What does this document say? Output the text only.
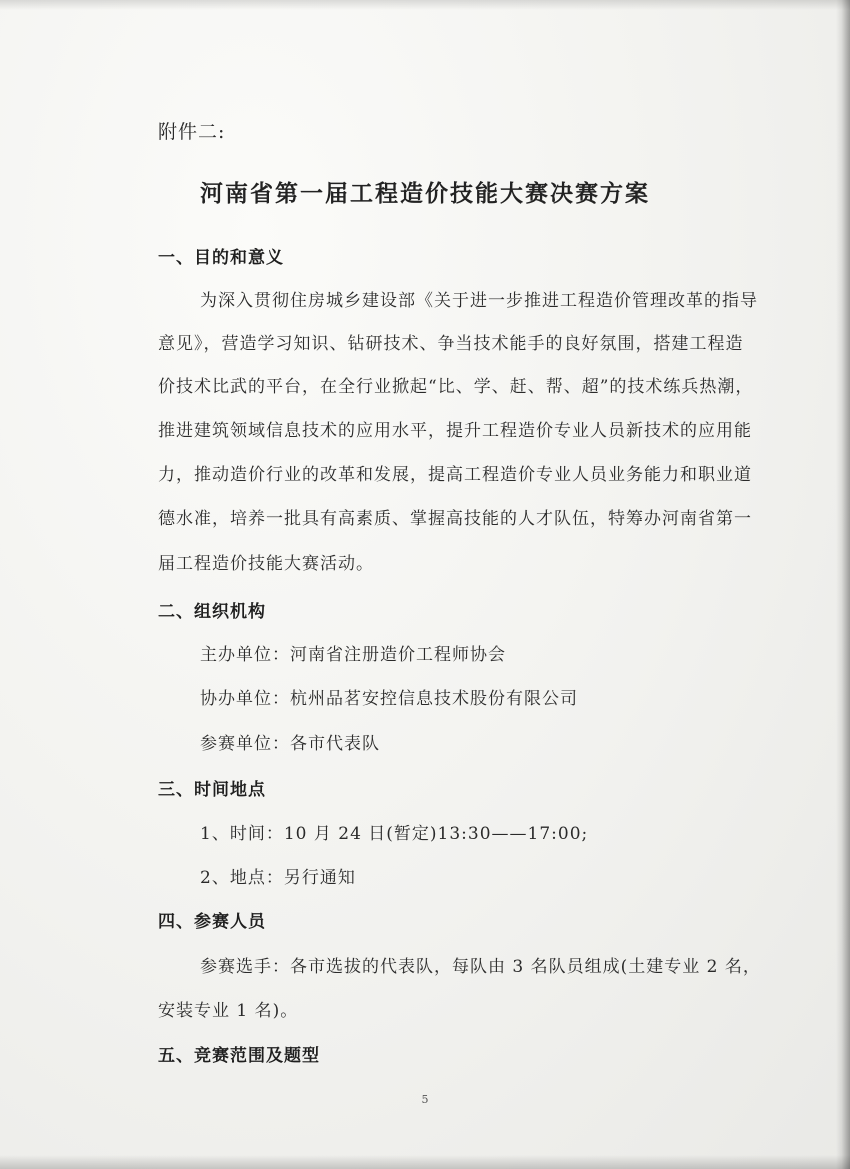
附件二:

河南省第一届工程造价技能大赛决赛方案
一、目的和意义

为深入贯彻住房城乡建设部《关于进一步推进工程造价管理改革的指导

意见》，营造学习知识、钻研技术、争当技术能手的良好氛围，搭建工程造

价技术比武的平台，在全行业掀起“比、学、赶、帮、超”的技术练兵热潮，

推进建筑领域信息技术的应用水平，提升工程造价专业人员新技术的应用能

力，推动造价行业的改革和发展，提高工程造价专业人员业务能力和职业道

德水准，培养一批具有高素质、掌握高技能的人才队伍，特筹办河南省第一

届工程造价技能大赛活动。

二、组织机构

主办单位：河南省注册造价工程师协会

协办单位：杭州品茗安控信息技术股份有限公司

参赛单位：各市代表队

三、时间地点

1、时间：10 月 24 日(暂定)13:30——17:00;

2、地点：另行通知

四、参赛人员

参赛选手：各市选拔的代表队，每队由 3 名队员组成(土建专业 2 名，

安装专业 1 名)。

五、竞赛范围及题型

5
